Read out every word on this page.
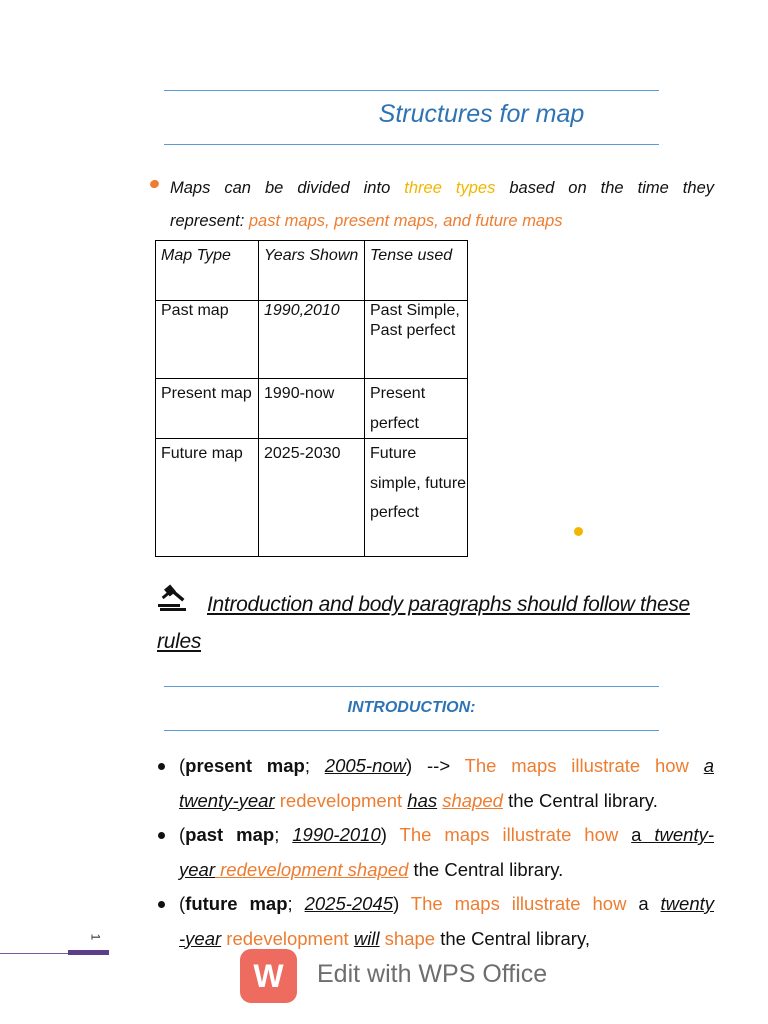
Structures for map
Maps can be divided into three types based on the time they
represent: past maps, present maps, and future maps
Map Type	Years Shown	Tense used
Past map	1990,2010	Past Simple, Past perfect
Present map	1990-now	Present perfect
Future map	2025-2030	Future simple, future perfect
Introduction and body paragraphs should follow these rules
INTRODUCTION:
(present map; 2005-now) --> The maps illustrate how a
twenty-year redevelopment has shaped the Central library.
(past map; 1990-2010) The maps illustrate how a twenty-
year redevelopment shaped the Central library.
(future map; 2025-2045) The maps illustrate how a twenty
-year redevelopment will shape the Central library,
1
W Edit with WPS Office
